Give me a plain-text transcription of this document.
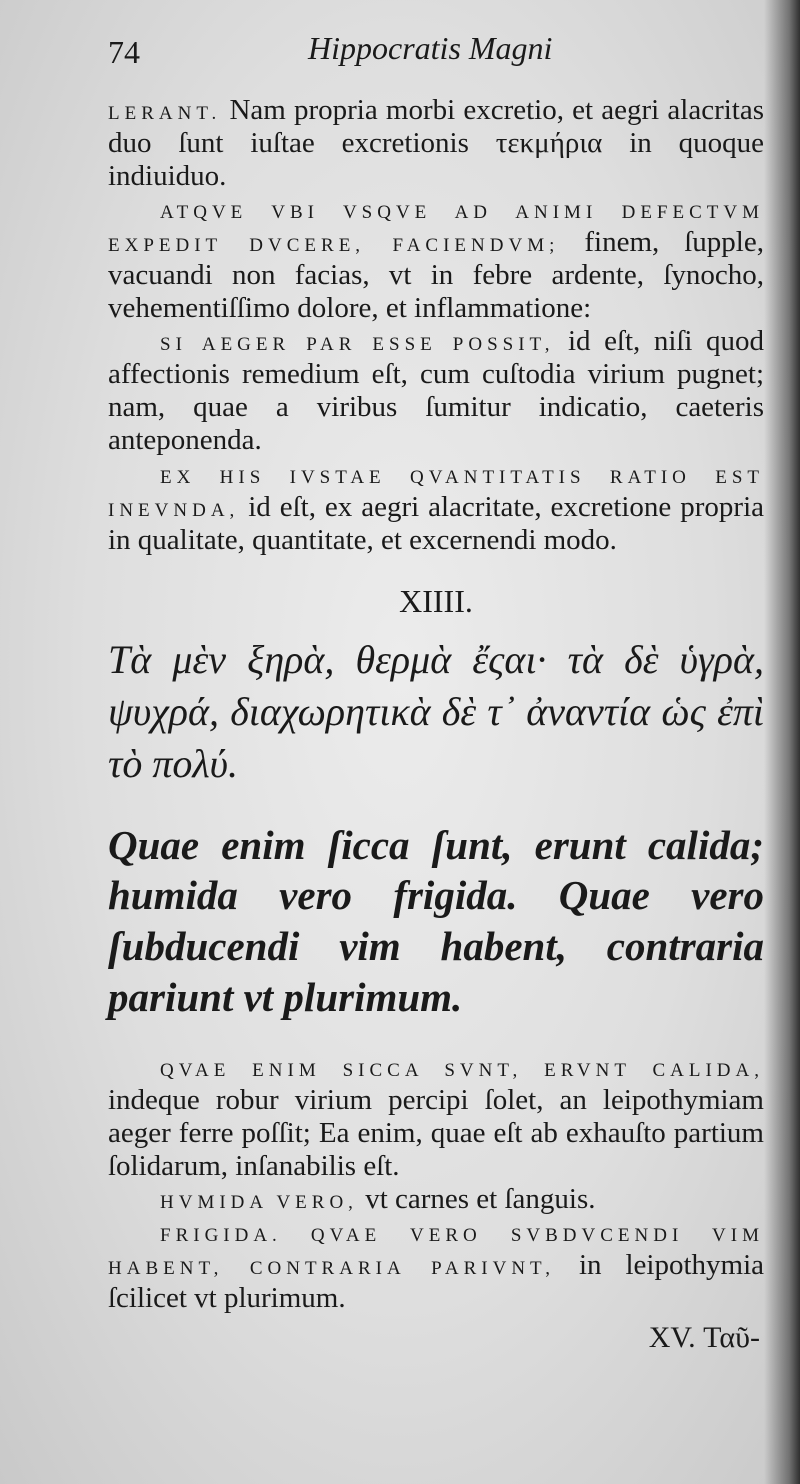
74	Hippocratis Magni

LERANT. Nam propria morbi excretio, et aegri alacritas duo ſunt iuſtae excretionis τεκμήρια in quoque indiuiduo.

ATQVE VBI VSQVE AD ANIMI DEFECTVM EXPEDIT DVCERE, FACIENDVM; finem, ſupple, vacuandi non facias, vt in febre ardente, ſynocho, vehementiſſimo dolore, et inflammatione:

SI AEGER PAR ESSE POSSIT, id eſt, niſi quod affectionis remedium eſt, cum cuſtodia virium pugnet; nam, quae a viribus ſumitur indicatio, caeteris anteponenda.

EX HIS IVSTAE QVANTITATIS RATIO EST INEVNDA, id eſt, ex aegri alacritate, excretione propria in qualitate, quantitate, et excernendi modo.

XIIII.

Τὰ μὲν ξηρὰ, θερμὰ ἔςαι· τὰ δὲ ὑγρὰ, ψυχρά, διαχωρητικὰ δὲ τ᾽ ἀναντία ὡς ἐπὶ τὸ πολύ.

Quae enim ſicca ſunt, erunt calida; humida vero frigida. Quae vero ſubducendi vim habent, contraria pariunt vt plurimum.

QVAE ENIM SICCA SVNT, ERVNT CALIDA, indeque robur virium percipi ſolet, an leipothymiam aeger ferre poſſit; Ea enim, quae eſt ab exhauſto partium ſolidarum, inſanabilis eſt.

HVMIDA VERO, vt carnes et ſanguis.

FRIGIDA. QVAE VERO SVBDVCENDI VIM HABENT, CONTRARIA PARIVNT, in leipothymia ſcilicet vt plurimum.

XV. Ταῦ-
